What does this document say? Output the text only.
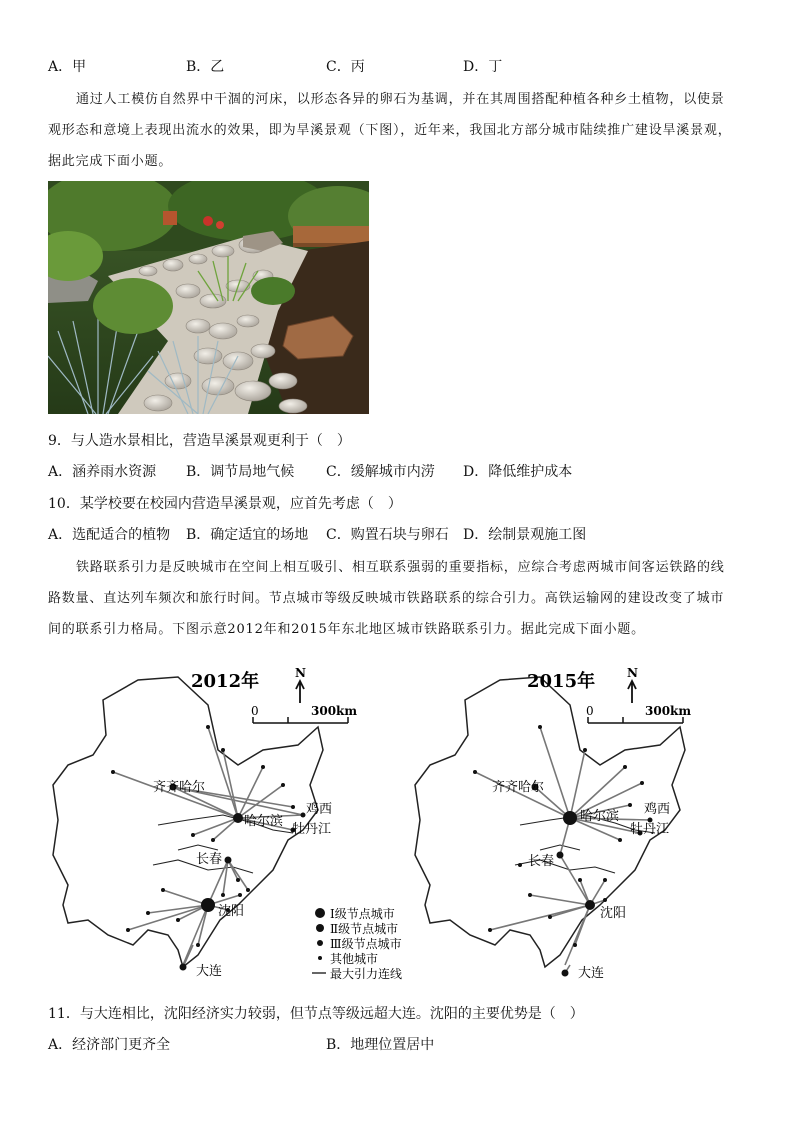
A．甲	B．乙	C．丙	D．丁
通过人工模仿自然界中干涸的河床，以形态各异的卵石为基调，并在其周围搭配种植各种乡土植物，以使景
观形态和意境上表现出流水的效果，即为旱溪景观（下图），近年来，我国北方部分城市陆续推广建设旱溪景观，
据此完成下面小题。
9．与人造水景相比，营造旱溪景观更利于（　）
A．涵养雨水资源 B．调节局地气候 C．缓解城市内涝 D．降低维护成本
10．某学校要在校园内营造旱溪景观，应首先考虑（　）
A．选配适合的植物 B．确定适宜的场地 C．购置石块与卵石 D．绘制景观施工图
铁路联系引力是反映城市在空间上相互吸引、相互联系强弱的重要指标，应综合考虑两城市间客运铁路的线
路数量、直达列车频次和旅行时间。节点城市等级反映城市铁路联系的综合引力。高铁运输网的建设改变了城市
间的联系引力格局。下图示意2012年和2015年东北地区城市铁路联系引力。据此完成下面小题。
2012年	N
0	300km
齐齐哈尔
哈尔滨
鸡西
牡丹江
长春
沈阳
大连
Ⅰ级节点城市
Ⅱ级节点城市
Ⅲ级节点城市
其他城市
最大引力连线
2015年	N
0	300km
齐齐哈尔
哈尔滨 鸡西
牡丹江
长春
沈阳
大连
11．与大连相比，沈阳经济实力较弱，但节点等级远超大连。沈阳的主要优势是（　）
A．经济部门更齐全	B．地理位置居中
